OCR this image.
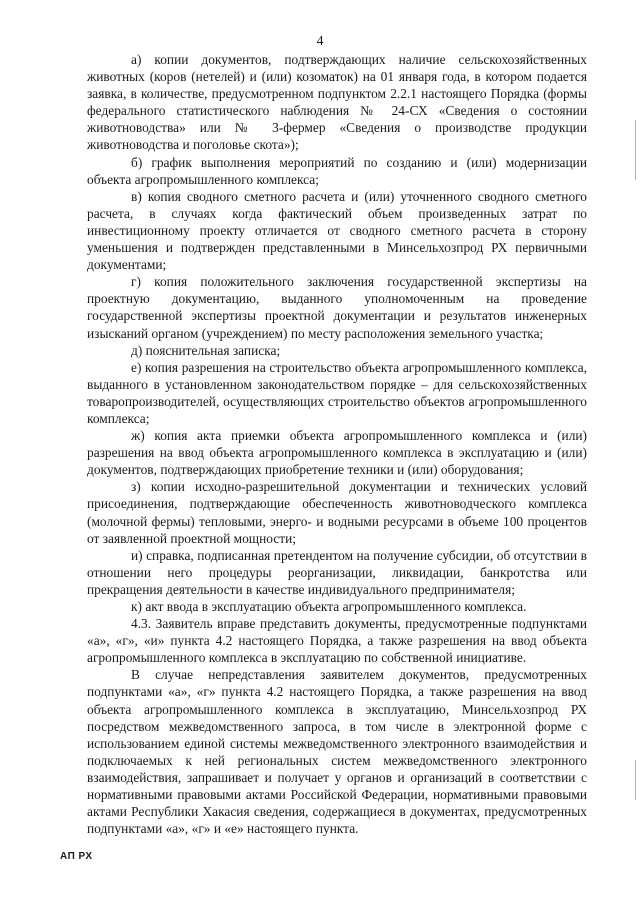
4

а) копии документов, подтверждающих наличие сельскохозяйственных животных (коров (нетелей) и (или) козоматок) на 01 января года, в котором подается заявка, в количестве, предусмотренном подпунктом 2.2.1 настоящего Порядка (формы федерального статистического наблюдения № 24-СХ «Сведения о состоянии животноводства» или № 3-фермер «Сведения о производстве продукции животноводства и поголовье скота»);

б) график выполнения мероприятий по созданию и (или) модернизации объекта агропромышленного комплекса;

в) копия сводного сметного расчета и (или) уточненного сводного сметного расчета, в случаях когда фактический объем произведенных затрат по инвестиционному проекту отличается от сводного сметного расчета в сторону уменьшения и подтвержден представленными в Минсельхозпрод РХ первичными документами;

г) копия положительного заключения государственной экспертизы на проектную документацию, выданного уполномоченным на проведение государственной экспертизы проектной документации и результатов инженерных изысканий органом (учреждением) по месту расположения земельного участка;

д) пояснительная записка;

е) копия разрешения на строительство объекта агропромышленного комплекса, выданного в установленном законодательством порядке – для сельскохозяйственных товаропроизводителей, осуществляющих строительство объектов агропромышленного комплекса;

ж) копия акта приемки объекта агропромышленного комплекса и (или) разрешения на ввод объекта агропромышленного комплекса в эксплуатацию и (или) документов, подтверждающих приобретение техники и (или) оборудования;

з) копии исходно-разрешительной документации и технических условий присоединения, подтверждающие обеспеченность животноводческого комплекса (молочной фермы) тепловыми, энерго- и водными ресурсами в объеме 100 процентов от заявленной проектной мощности;

и) справка, подписанная претендентом на получение субсидии, об отсутствии в отношении него процедуры реорганизации, ликвидации, банкротства или прекращения деятельности в качестве индивидуального предпринимателя;

к) акт ввода в эксплуатацию объекта агропромышленного комплекса.

4.3. Заявитель вправе представить документы, предусмотренные подпунктами «а», «г», «и» пункта 4.2 настоящего Порядка, а также разрешения на ввод объекта агропромышленного комплекса в эксплуатацию по собственной инициативе.

В случае непредставления заявителем документов, предусмотренных подпунктами «а», «г» пункта 4.2 настоящего Порядка, а также разрешения на ввод объекта агропромышленного комплекса в эксплуатацию, Минсельхозпрод РХ посредством межведомственного запроса, в том числе в электронной форме с использованием единой системы межведомственного электронного взаимодействия и подключаемых к ней региональных систем межведомственного электронного взаимодействия, запрашивает и получает у органов и организаций в соответствии с нормативными правовыми актами Российской Федерации, нормативными правовыми актами Республики Хакасия сведения, содержащиеся в документах, предусмотренных подпунктами «а», «г» и «е» настоящего пункта.

АП РХ
